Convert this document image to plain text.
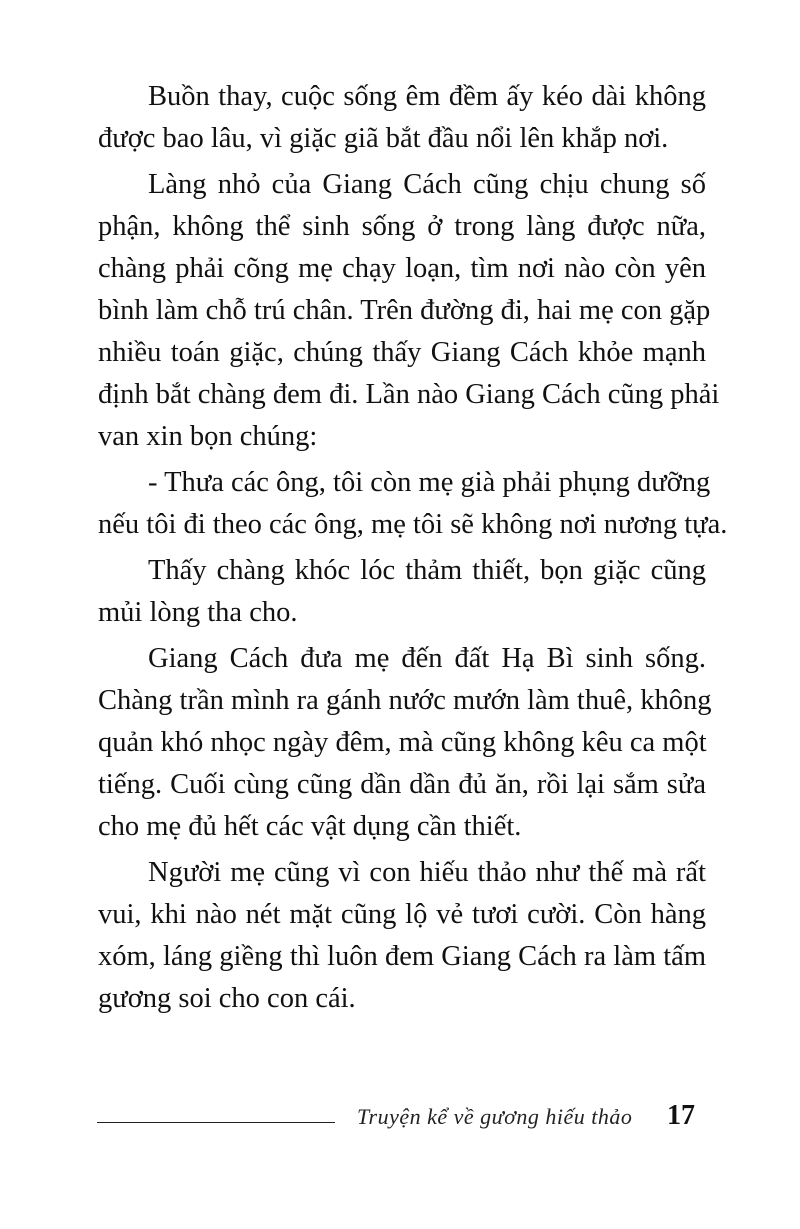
Buồn thay, cuộc sống êm đềm ấy kéo dài không
được bao lâu, vì giặc giã bắt đầu nổi lên khắp nơi.
Làng nhỏ của Giang Cách cũng chịu chung số
phận, không thể sinh sống ở trong làng được nữa,
chàng phải cõng mẹ chạy loạn, tìm nơi nào còn yên
bình làm chỗ trú chân. Trên đường đi, hai mẹ con gặp
nhiều toán giặc, chúng thấy Giang Cách khỏe mạnh
định bắt chàng đem đi. Lần nào Giang Cách cũng phải
van xin bọn chúng:
- Thưa các ông, tôi còn mẹ già phải phụng dưỡng
nếu tôi đi theo các ông, mẹ tôi sẽ không nơi nương tựa.
Thấy chàng khóc lóc thảm thiết, bọn giặc cũng
mủi lòng tha cho.
Giang Cách đưa mẹ đến đất Hạ Bì sinh sống.
Chàng trần mình ra gánh nước mướn làm thuê, không
quản khó nhọc ngày đêm, mà cũng không kêu ca một
tiếng. Cuối cùng cũng dần dần đủ ăn, rồi lại sắm sửa
cho mẹ đủ hết các vật dụng cần thiết.
Người mẹ cũng vì con hiếu thảo như thế mà rất
vui, khi nào nét mặt cũng lộ vẻ tươi cười. Còn hàng
xóm, láng giềng thì luôn đem Giang Cách ra làm tấm
gương soi cho con cái.
Truyện kể về gương hiếu thảo 17
